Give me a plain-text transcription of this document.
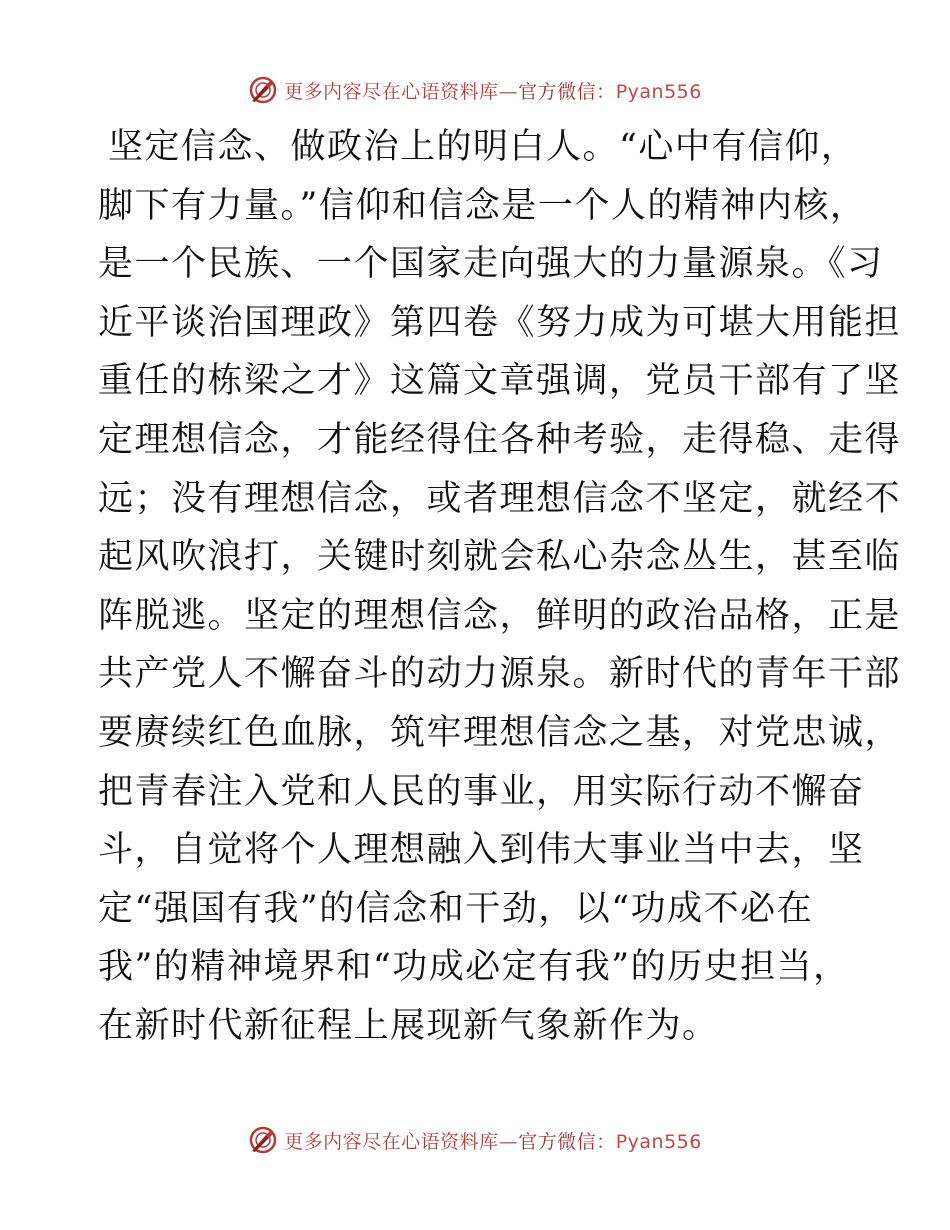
更多内容尽在心语资料库—官方微信：Pyan556
坚定信念、做政治上的明白人。“心中有信仰，
脚下有力量。”信仰和信念是一个人的精神内核，
是一个民族、一个国家走向强大的力量源泉。《习
近平谈治国理政》第四卷《努力成为可堪大用能担
重任的栋梁之才》这篇文章强调，党员干部有了坚
定理想信念，才能经得住各种考验，走得稳、走得
远；没有理想信念，或者理想信念不坚定，就经不
起风吹浪打，关键时刻就会私心杂念丛生，甚至临
阵脱逃。坚定的理想信念，鲜明的政治品格，正是
共产党人不懈奋斗的动力源泉。新时代的青年干部
要赓续红色血脉，筑牢理想信念之基，对党忠诚，
把青春注入党和人民的事业，用实际行动不懈奋
斗，自觉将个人理想融入到伟大事业当中去，坚
定“强国有我”的信念和干劲，以“功成不必在
我”的精神境界和“功成必定有我”的历史担当，
在新时代新征程上展现新气象新作为。
更多内容尽在心语资料库—官方微信：Pyan556
